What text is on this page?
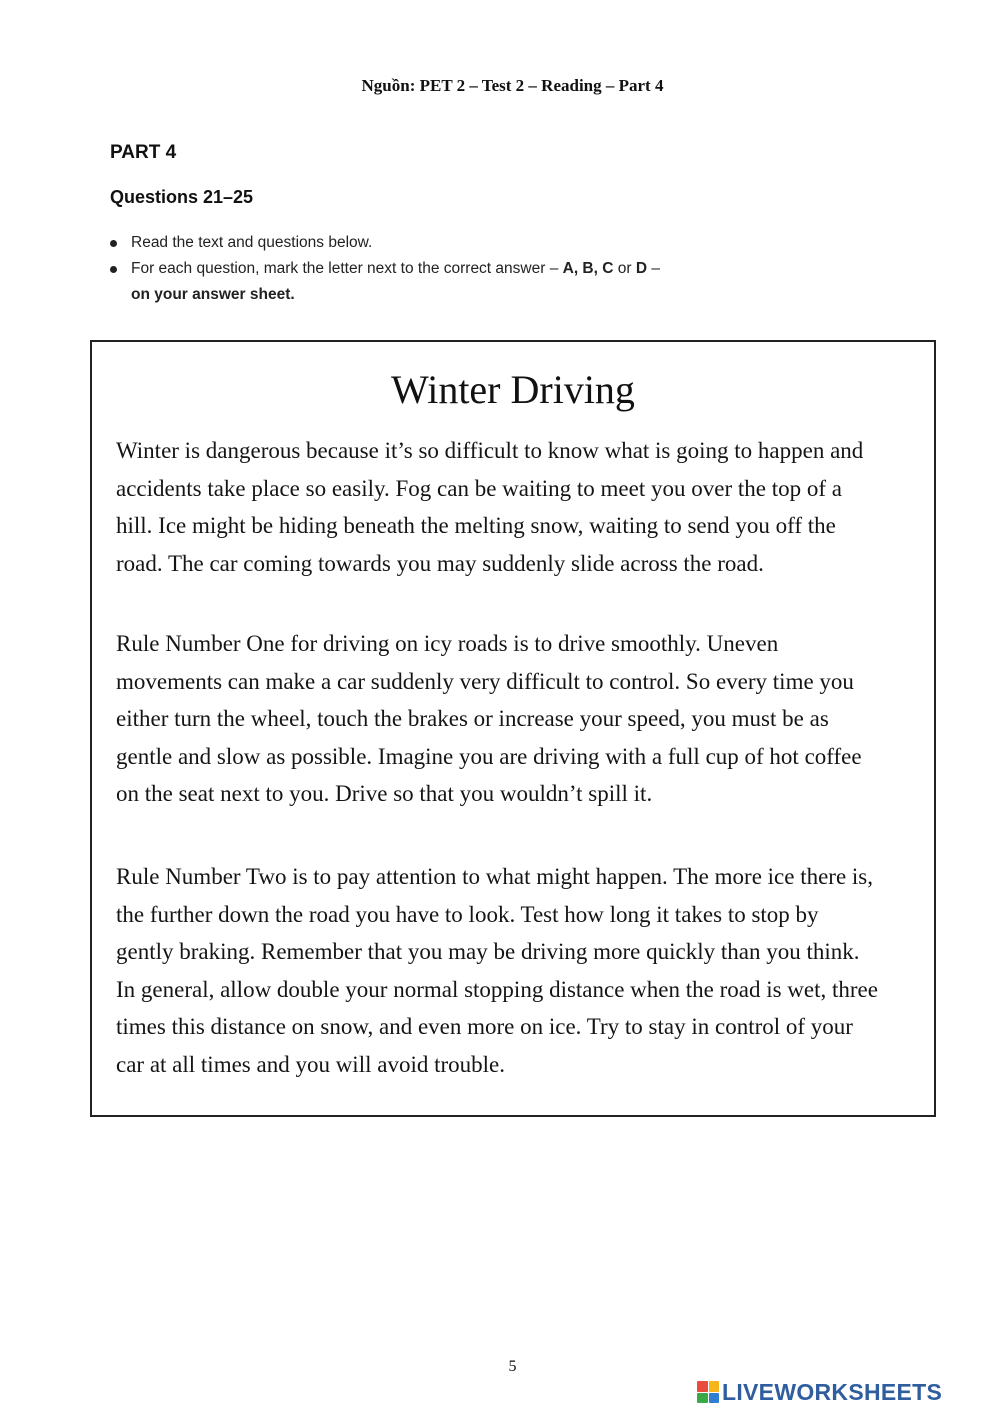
Nguồn: PET 2 – Test 2 – Reading – Part 4
PART 4
Questions 21–25
Read the text and questions below.
For each question, mark the letter next to the correct answer – A, B, C or D –
on your answer sheet.
Winter Driving
Winter is dangerous because it’s so difficult to know what is going to happen and
accidents take place so easily. Fog can be waiting to meet you over the top of a
hill. Ice might be hiding beneath the melting snow, waiting to send you off the
road. The car coming towards you may suddenly slide across the road.
Rule Number One for driving on icy roads is to drive smoothly. Uneven
movements can make a car suddenly very difficult to control. So every time you
either turn the wheel, touch the brakes or increase your speed, you must be as
gentle and slow as possible. Imagine you are driving with a full cup of hot coffee
on the seat next to you. Drive so that you wouldn’t spill it.
Rule Number Two is to pay attention to what might happen. The more ice there is,
the further down the road you have to look. Test how long it takes to stop by
gently braking. Remember that you may be driving more quickly than you think.
In general, allow double your normal stopping distance when the road is wet, three
times this distance on snow, and even more on ice. Try to stay in control of your
car at all times and you will avoid trouble.
5
LIVEWORKSHEETS
